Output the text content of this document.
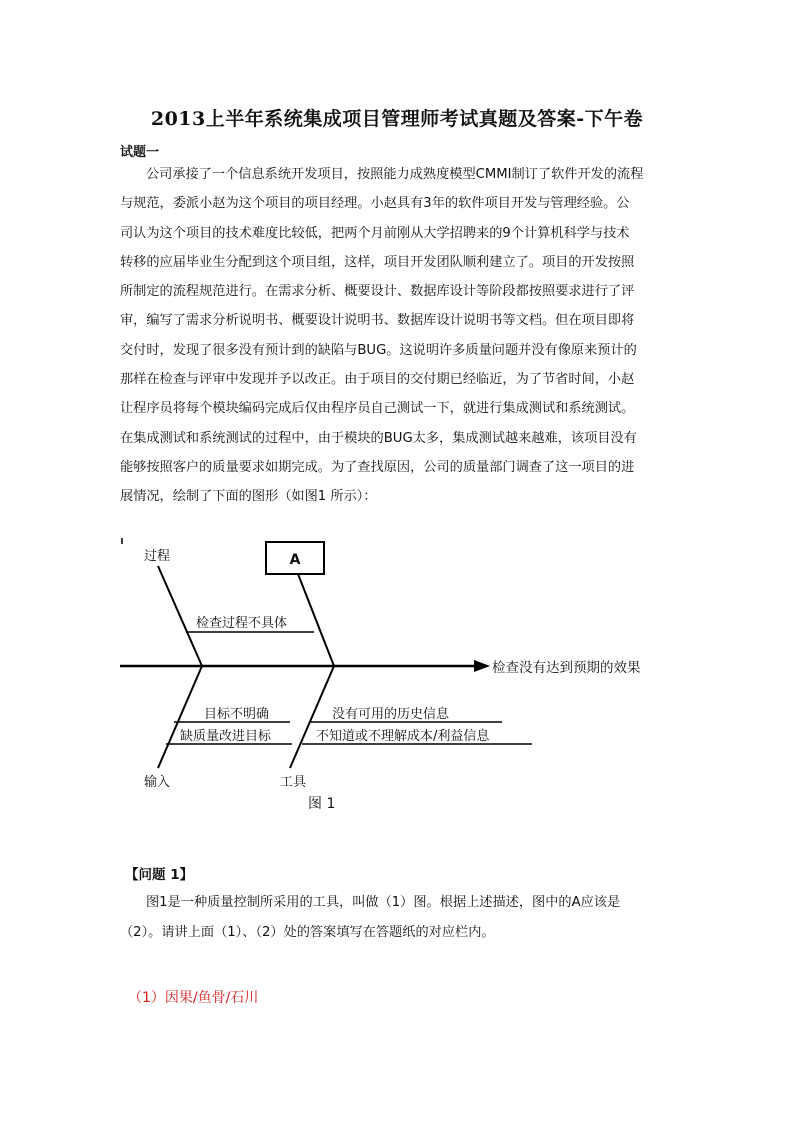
2013上半年系统集成项目管理师考试真题及答案-下午卷
试题一
公司承接了一个信息系统开发项目，按照能力成熟度模型CMMI制订了软件开发的流程
与规范，委派小赵为这个项目的项目经理。小赵具有3年的软件项目开发与管理经验。公
司认为这个项目的技术难度比较低，把两个月前刚从大学招聘来的9个计算机科学与技术
转移的应届毕业生分配到这个项目组，这样，项目开发团队顺利建立了。项目的开发按照
所制定的流程规范进行。在需求分析、概要设计、数据库设计等阶段都按照要求进行了评
审，编写了需求分析说明书、概要设计说明书、数据库设计说明书等文档。但在项目即将
交付时，发现了很多没有预计到的缺陷与BUG。这说明许多质量问题并没有像原来预计的
那样在检查与评审中发现并予以改正。由于项目的交付期已经临近，为了节省时间，小赵
让程序员将每个模块编码完成后仅由程序员自己测试一下，就进行集成测试和系统测试。
在集成测试和系统测试的过程中，由于模块的BUG太多，集成测试越来越难，该项目没有
能够按照客户的质量要求如期完成。为了查找原因，公司的质量部门调查了这一项目的进
展情况，绘制了下面的图形（如图1 所示）：
A
检查没有达到预期的效果
过程
检查过程不具体
输入
目标不明确
缺质量改进目标
工具
没有可用的历史信息
不知道或不理解成本/利益信息
图 1
【问题 1】
图1是一种质量控制所采用的工具，叫做（1）图。根据上述描述，图中的A应该是
（2）。请讲上面（1）、（2）处的答案填写在答题纸的对应栏内。
（1）因果/鱼骨/石川
